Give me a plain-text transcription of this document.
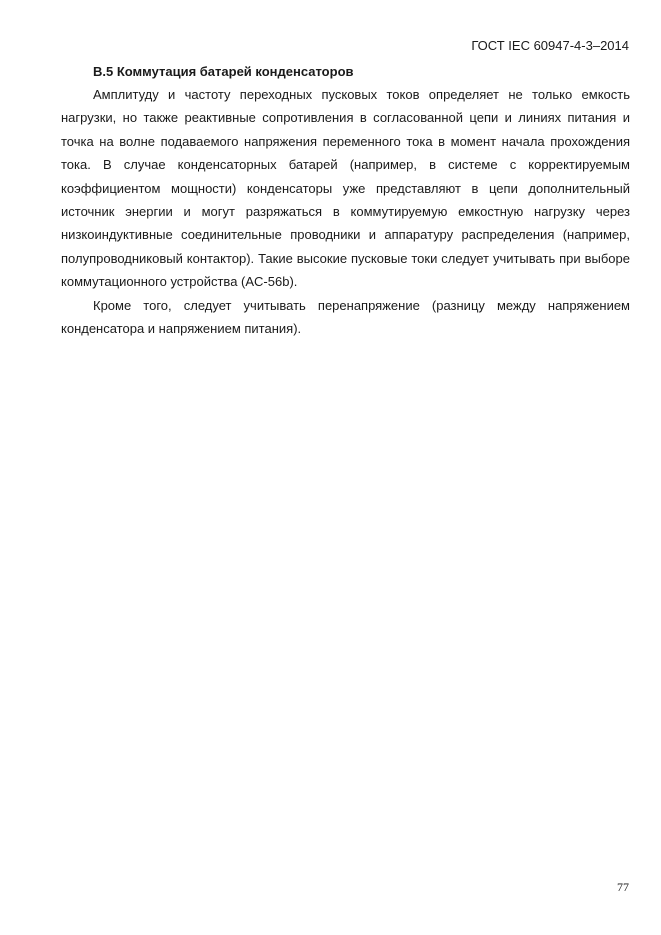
ГОСТ IEC 60947-4-3–2014

B.5 Коммутация батарей конденсаторов

Амплитуду и частоту переходных пусковых токов определяет не только емкость нагрузки, но также реактивные сопротивления в согласованной цепи и линиях питания и точка на волне подаваемого напряжения переменного тока в момент начала прохождения тока. В случае конденсаторных батарей (например, в системе с корректируемым коэффициентом мощности) конденсаторы уже представляют в цепи дополнительный источник энергии и могут разряжаться в коммутируемую емкостную нагрузку через низкоиндуктивные соединительные проводники и аппаратуру распределения (например, полупроводниковый контактор). Такие высокие пусковые токи следует учитывать при выборе коммутационного устройства (AC-56b).

Кроме того, следует учитывать перенапряжение (разницу между напряжением конденсатора и напряжением питания).

77
